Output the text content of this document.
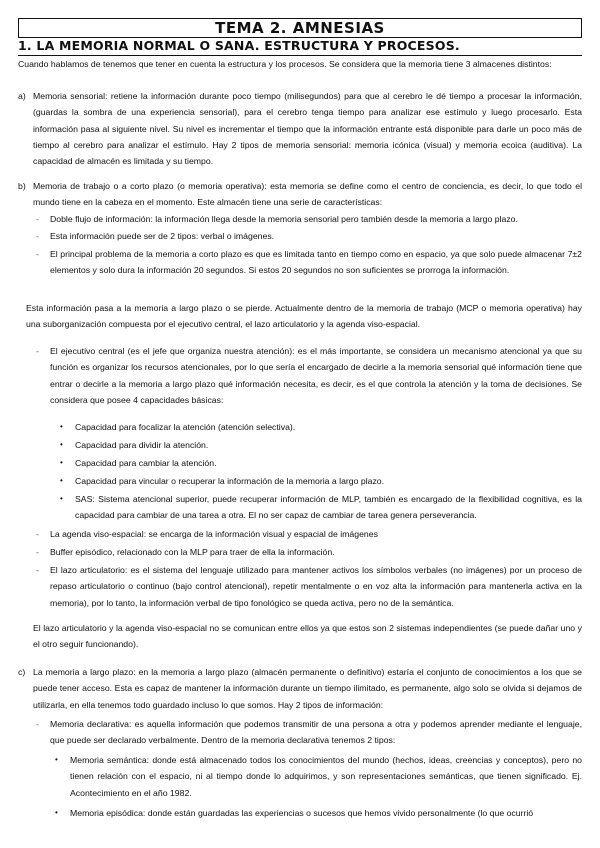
TEMA 2. AMNESIAS
1. LA MEMORIA NORMAL O SANA. ESTRUCTURA Y PROCESOS.
Cuando hablamos de tenemos que tener en cuenta la estructura y los procesos. Se considera que la memoria tiene 3 almacenes distintos:
a) Memoria sensorial: retiene la información durante poco tiempo (milisegundos) para que al cerebro le dé tiempo a procesar la información, (guardas la sombra de una experiencia sensorial), para el cerebro tenga tiempo para analizar ese estímulo y luego procesarlo. Esta información pasa al siguiente nivel. Su nivel es incrementar el tiempo que la información entrante está disponible para darle un poco más de tiempo al cerebro para analizar el estímulo. Hay 2 tipos de memoria sensorial: memoria icónica (visual) y memoria ecoica (auditiva). La capacidad de almacén es limitada y su tiempo.
b) Memoria de trabajo o a corto plazo (o memoria operativa): esta memoria se define como el centro de conciencia, es decir, lo que todo el mundo tiene en la cabeza en el momento. Este almacén tiene una serie de características:
- Doble flujo de información: la información llega desde la memoria sensorial pero también desde la memoria a largo plazo.
- Esta información puede ser de 2 tipos: verbal o imágenes.
- El principal problema de la memoria a corto plazo es que es limitada tanto en tiempo como en espacio, ya que solo puede almacenar 7±2 elementos y solo dura la información 20 segundos. Si estos 20 segundos no son suficientes se prorroga la información.
Esta información pasa a la memoria a largo plazo o se pierde. Actualmente dentro de la memoria de trabajo (MCP o memoria operativa) hay una suborganización compuesta por el ejecutivo central, el lazo articulatorio y la agenda viso-espacial.
- El ejecutivo central (es el jefe que organiza nuestra atención): es el más importante, se considera un mecanismo atencional ya que su función es organizar los recursos atencionales, por lo que sería el encargado de decirle a la memoria sensorial qué información tiene que entrar o decirle a la memoria a largo plazo qué información necesita, es decir, es el que controla la atención y la toma de decisiones. Se considera que posee 4 capacidades básicas:
• Capacidad para focalizar la atención (atención selectiva).
• Capacidad para dividir la atención.
• Capacidad para cambiar la atención.
• Capacidad para vincular o recuperar la información de la memoria a largo plazo.
• SAS: Sistema atencional superior, puede recuperar información de MLP, también es encargado de la flexibilidad cognitiva, es la capacidad para cambiar de una tarea a otra. El no ser capaz de cambiar de tarea genera perseverancia.
- La agenda viso-espacial: se encarga de la información visual y espacial de imágenes
- Buffer episódico, relacionado con la MLP para traer de ella la información.
- El lazo articulatorio: es el sistema del lenguaje utilizado para mantener activos los símbolos verbales (no imágenes) por un proceso de repaso articulatorio o continuo (bajo control atencional), repetir mentalmente o en voz alta la información para mantenerla activa en la memoria), por lo tanto, la información verbal de tipo fonológico se queda activa, pero no de la semántica.
El lazo articulatorio y la agenda viso-espacial no se comunican entre ellos ya que estos son 2 sistemas independientes (se puede dañar uno y el otro seguir funcionando).
c) La memoria a largo plazo: en la memoria a largo plazo (almacén permanente o definitivo) estaría el conjunto de conocimientos a los que se puede tener acceso. Esta es capaz de mantener la información durante un tiempo ilimitado, es permanente, algo solo se olvida si dejamos de utilizarla, en ella tenemos todo guardado incluso lo que somos. Hay 2 tipos de información:
- Memoria declarativa: es aquella información que podemos transmitir de una persona a otra y podemos aprender mediante el lenguaje, que puede ser declarado verbalmente. Dentro de la memoria declarativa tenemos 2 tipos:
• Memoria semántica: donde está almacenado todos los conocimientos del mundo (hechos, ideas, creencias y conceptos), pero no tienen relación con el espacio, ni al tiempo donde lo adquirimos, y son representaciones semánticas, que tienen significado. Ej. Acontecimiento en el año 1982.
• Memoria episódica: donde están guardadas las experiencias o sucesos que hemos vivido personalmente (lo que ocurrió
